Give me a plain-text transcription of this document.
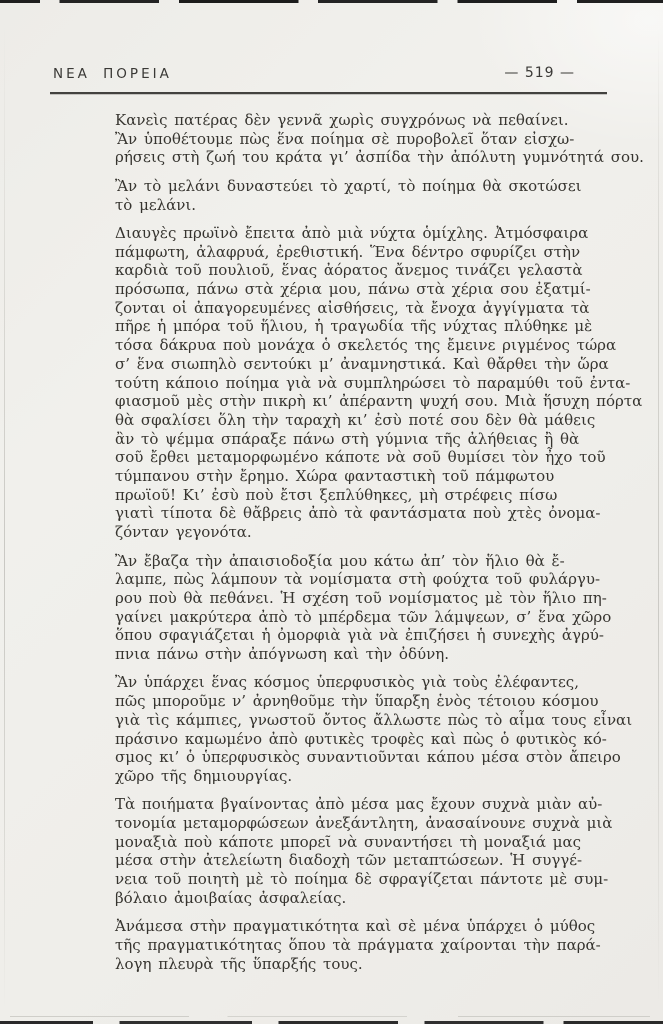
ΝΕΑ ΠΟΡΕΙΑ	— 519 —
Κανεὶς πατέρας δὲν γεννᾶ χωρὶς συγχρόνως νὰ πεθαίνει.
Ἂν ὑποθέτουμε πὼς ἕνα ποίημα σὲ πυροβολεῖ ὅταν εἰσχω-
ρήσεις στὴ ζωή του κράτα γι’ ἀσπίδα τὴν ἀπόλυτη γυμνότητά σου.
Ἂν τὸ μελάνι δυναστεύει τὸ χαρτί, τὸ ποίημα θὰ σκοτώσει
τὸ μελάνι.
Διαυγὲς πρωϊνὸ ἔπειτα ἀπὸ μιὰ νύχτα ὁμίχλης. Ἀτμόσφαιρα
πάμφωτη, ἀλαφρυά, ἐρεθιστική. Ἕνα δέντρο σφυρίζει στὴν
καρδιὰ τοῦ πουλιοῦ, ἕνας ἀόρατος ἄνεμος τινάζει γελαστὰ
πρόσωπα, πάνω στὰ χέρια μου, πάνω στὰ χέρια σου ἐξατμί-
ζονται οἱ ἀπαγορευμένες αἰσθήσεις, τὰ ἔνοχα ἀγγίγματα τὰ
πῆρε ἡ μπόρα τοῦ ἥλιου, ἡ τραγωδία τῆς νύχτας πλύθηκε μὲ
τόσα δάκρυα ποὺ μονάχα ὁ σκελετός της ἔμεινε ριγμένος τώρα
σ’ ἕνα σιωπηλὸ σεντούκι μ’ ἀναμνηστικά. Καὶ θἄρθει τὴν ὥρα
τούτη κάποιο ποίημα γιὰ νὰ συμπληρώσει τὸ παραμύθι τοῦ ἐντα-
φιασμοῦ μὲς στὴν πικρὴ κι’ ἀπέραντη ψυχή σου. Μιὰ ἥσυχη πόρτα
θὰ σφαλίσει ὅλη τὴν ταραχὴ κι’ ἐσὺ ποτέ σου δὲν θὰ μάθεις
ἂν τὸ ψέμμα σπάραξε πάνω στὴ γύμνια τῆς ἀλήθειας ἢ θὰ
σοῦ ἔρθει μεταμορφωμένο κάποτε νὰ σοῦ θυμίσει τὸν ἦχο τοῦ
τύμπανου στὴν ἔρημο. Χώρα φανταστικὴ τοῦ πάμφωτου
πρωϊοῦ! Κι’ ἐσὺ ποὺ ἔτσι ξεπλύθηκες, μὴ στρέφεις πίσω
γιατὶ τίποτα δὲ θἄβρεις ἀπὸ τὰ φαντάσματα ποὺ χτὲς ὀνομα-
ζόνταν γεγονότα.
Ἂν ἔβαζα τὴν ἀπαισιοδοξία μου κάτω ἀπ’ τὸν ἥλιο θὰ ἔ-
λαμπε, πὼς λάμπουν τὰ νομίσματα στὴ φούχτα τοῦ φυλάργυ-
ρου ποὺ θὰ πεθάνει. Ἡ σχέση τοῦ νομίσματος μὲ τὸν ἥλιο πη-
γαίνει μακρύτερα ἀπὸ τὸ μπέρδεμα τῶν λάμψεων, σ’ ἕνα χῶρο
ὅπου σφαγιάζεται ἡ ὀμορφιὰ γιὰ νὰ ἐπιζήσει ἡ συνεχὴς ἀγρύ-
πνια πάνω στὴν ἀπόγνωση καὶ τὴν ὀδύνη.
Ἂν ὑπάρχει ἕνας κόσμος ὑπερφυσικὸς γιὰ τοὺς ἐλέφαντες,
πῶς μποροῦμε ν’ ἀρνηθοῦμε τὴν ὕπαρξη ἑνὸς τέτοιου κόσμου
γιὰ τὶς κάμπιες, γνωστοῦ ὄντος ἄλλωστε πὼς τὸ αἷμα τους εἶναι
πράσινο καμωμένο ἀπὸ φυτικὲς τροφὲς καὶ πὼς ὁ φυτικὸς κό-
σμος κι’ ὁ ὑπερφυσικὸς συναντιοῦνται κάπου μέσα στὸν ἄπειρο
χῶρο τῆς δημιουργίας.
Τὰ ποιήματα βγαίνοντας ἀπὸ μέσα μας ἔχουν συχνὰ μιὰν αὐ-
τονομία μεταμορφώσεων ἀνεξάντλητη, ἀνασαίνουνε συχνὰ μιὰ
μοναξιὰ ποὺ κάποτε μπορεῖ νὰ συναντήσει τὴ μοναξιά μας
μέσα στὴν ἀτελείωτη διαδοχὴ τῶν μεταπτώσεων. Ἡ συγγέ-
νεια τοῦ ποιητὴ μὲ τὸ ποίημα δὲ σφραγίζεται πάντοτε μὲ συμ-
βόλαιο ἀμοιβαίας ἀσφαλείας.
Ἀνάμεσα στὴν πραγματικότητα καὶ σὲ μένα ὑπάρχει ὁ μύθος
τῆς πραγματικότητας ὅπου τὰ πράγματα χαίρονται τὴν παρά-
λογη πλευρὰ τῆς ὕπαρξής τους.
